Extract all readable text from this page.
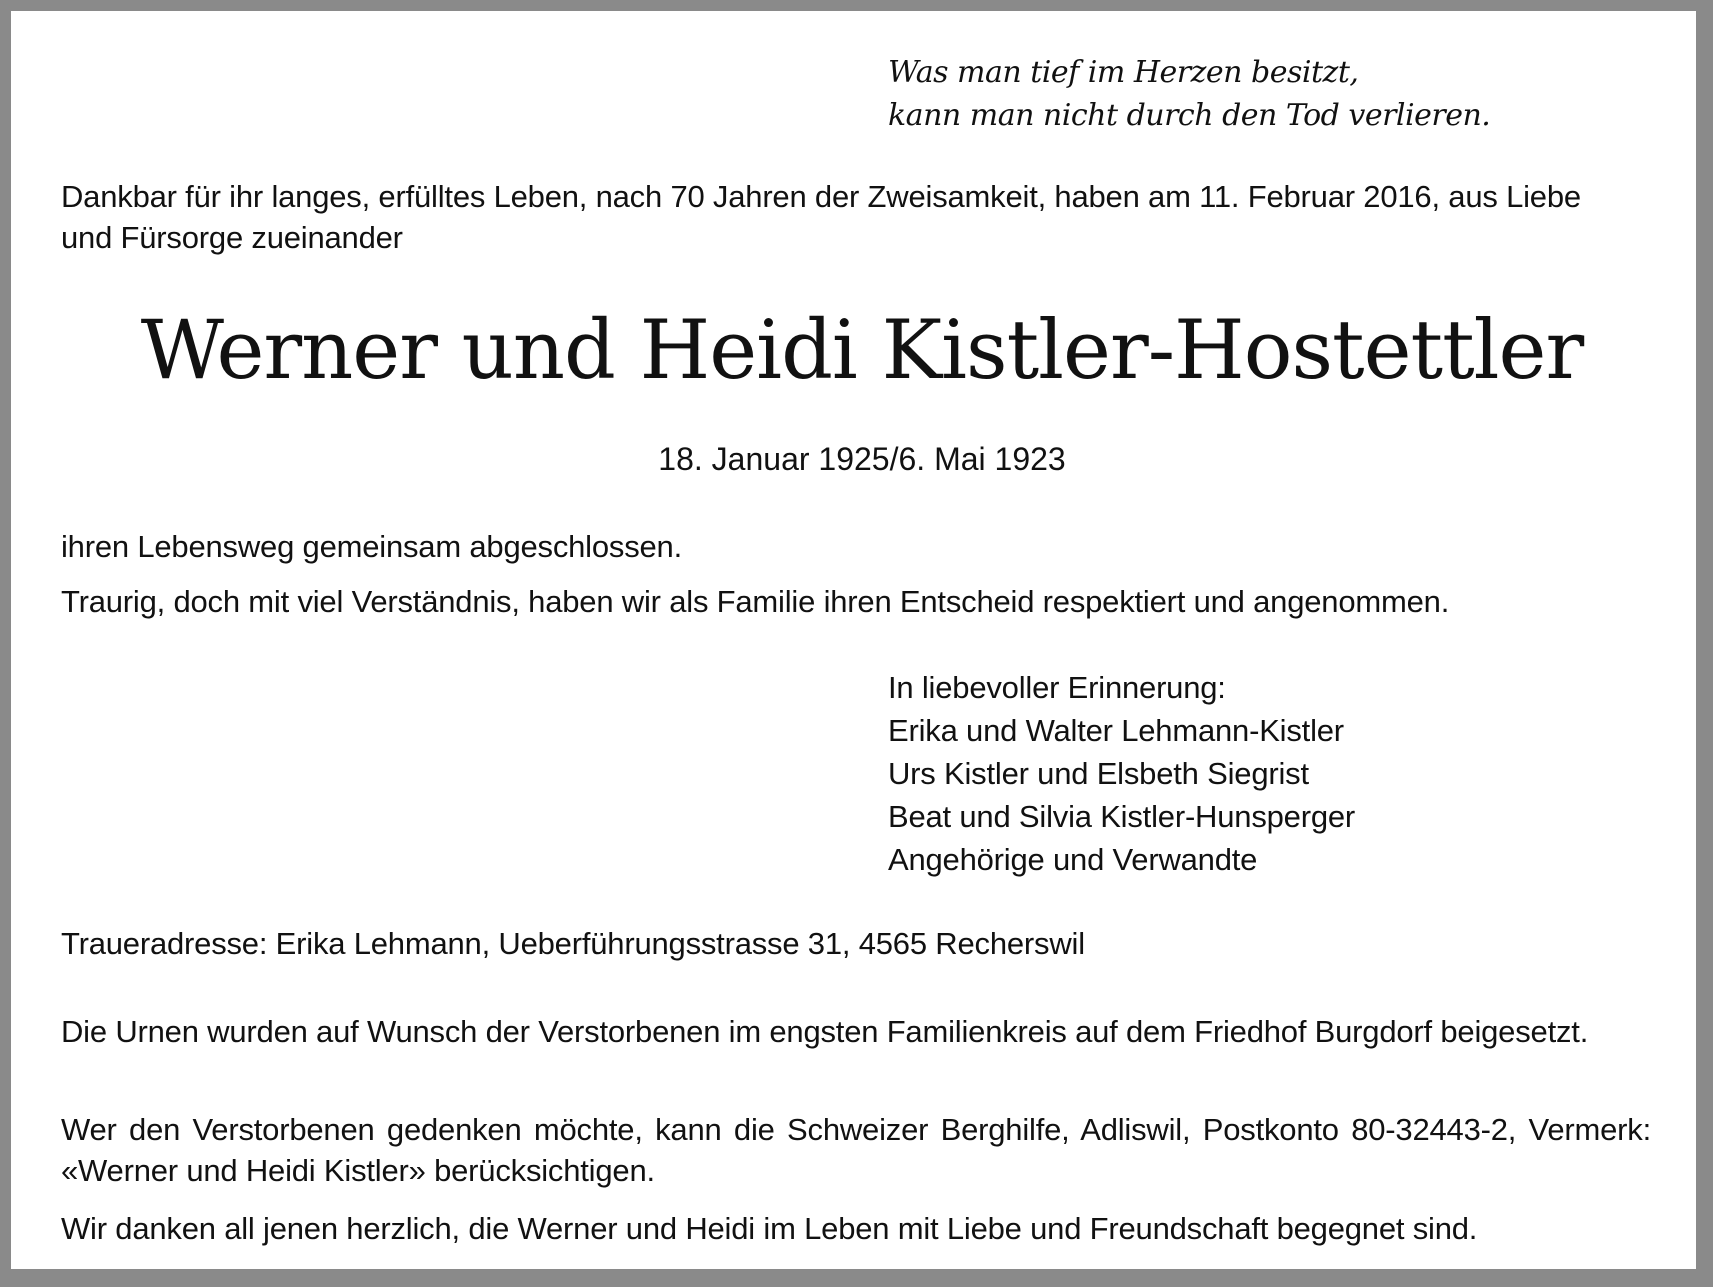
Was man tief im Herzen besitzt,
kann man nicht durch den Tod verlieren.
Dankbar für ihr langes, erfülltes Leben, nach 70 Jahren der Zweisamkeit, haben am 11. Februar 2016, aus Liebe
und Fürsorge zueinander
Werner und Heidi Kistler-Hostettler
18. Januar 1925/6. Mai 1923
ihren Lebensweg gemeinsam abgeschlossen.
Traurig, doch mit viel Verständnis, haben wir als Familie ihren Entscheid respektiert und angenommen.
In liebevoller Erinnerung:
Erika und Walter Lehmann-Kistler
Urs Kistler und Elsbeth Siegrist
Beat und Silvia Kistler-Hunsperger
Angehörige und Verwandte
Traueradresse: Erika Lehmann, Ueberführungsstrasse 31, 4565 Recherswil
Die Urnen wurden auf Wunsch der Verstorbenen im engsten Familienkreis auf dem Friedhof Burgdorf beigesetzt.
Wer den Verstorbenen gedenken möchte, kann die Schweizer Berghilfe, Adliswil, Postkonto 80-32443-2, Vermerk: «Werner und Heidi Kistler» berücksichtigen.
Wir danken all jenen herzlich, die Werner und Heidi im Leben mit Liebe und Freundschaft begegnet sind.
